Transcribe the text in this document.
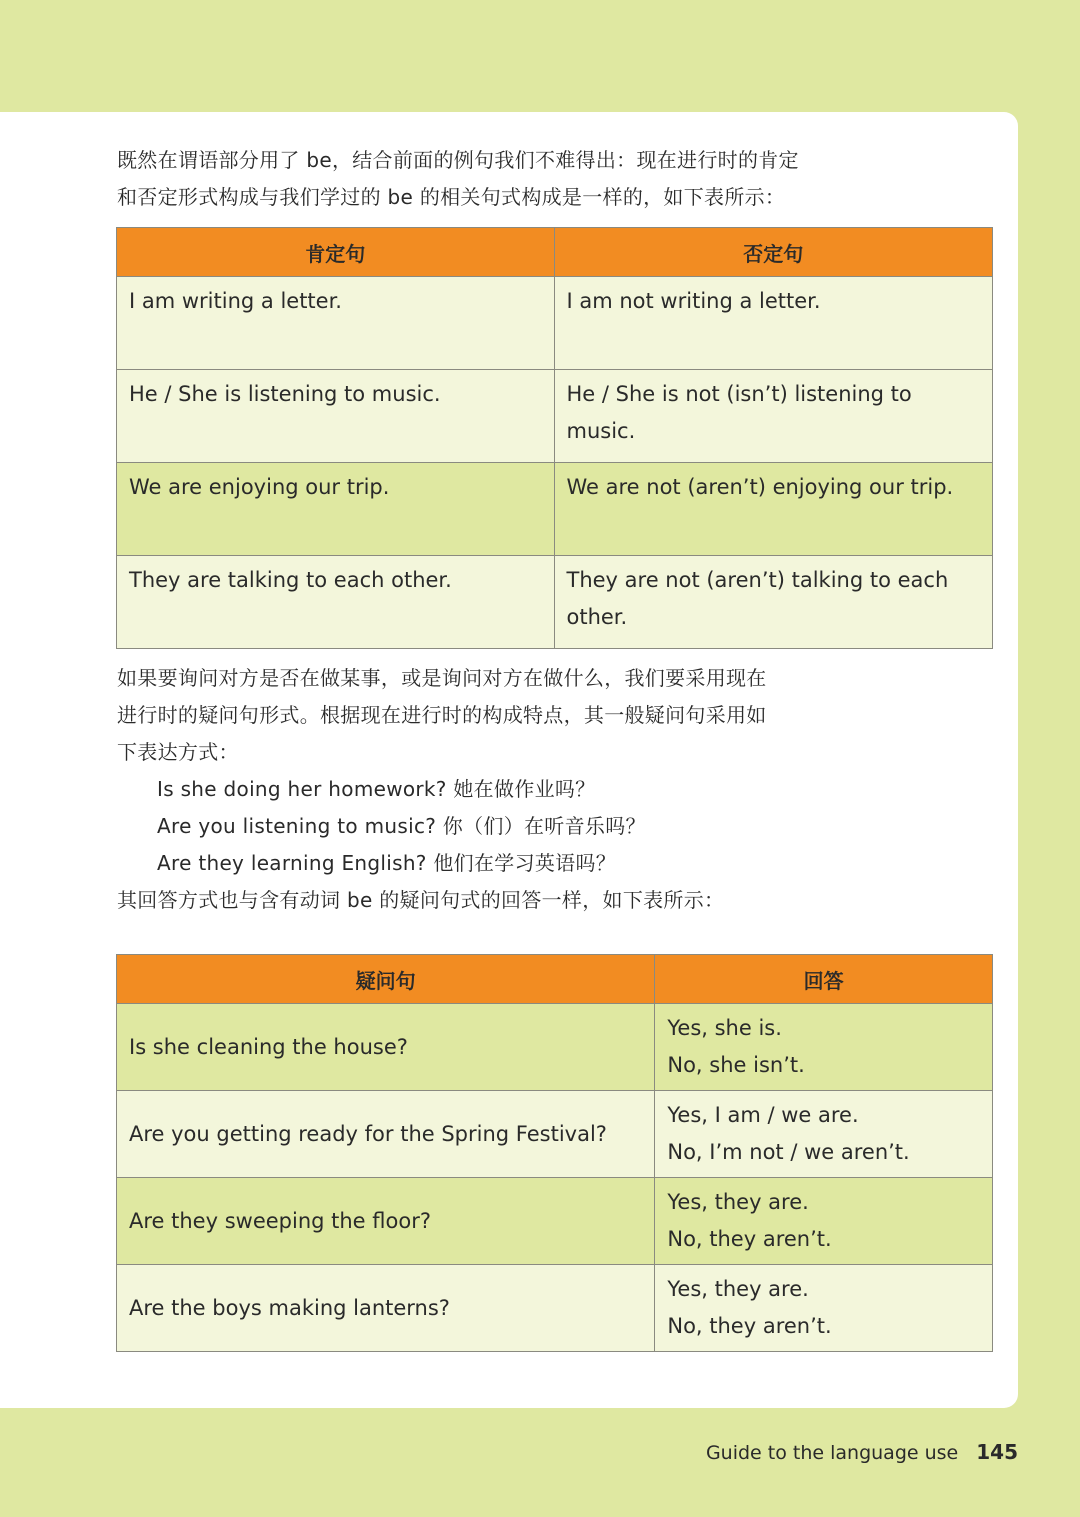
既然在谓语部分用了 be，结合前面的例句我们不难得出：现在进行时的肯定
和否定形式构成与我们学过的 be 的相关句式构成是一样的，如下表所示：

肯定句	否定句
I am writing a letter.	I am not writing a letter.
He / She is listening to music.	He / She is not (isn’t) listening to music.
We are enjoying our trip.	We are not (aren’t) enjoying our trip.
They are talking to each other.	They are not (aren’t) talking to each other.

如果要询问对方是否在做某事，或是询问对方在做什么，我们要采用现在
进行时的疑问句形式。根据现在进行时的构成特点，其一般疑问句采用如
下表达方式：
Is she doing her homework? 她在做作业吗？
Are you listening to music? 你（们）在听音乐吗？
Are they learning English? 他们在学习英语吗？
其回答方式也与含有动词 be 的疑问句式的回答一样，如下表所示：

疑问句	回答
Is she cleaning the house?	Yes, she is.
No, she isn’t.

Are you getting ready for the Spring Festival?	Yes, I am / we are.
No, I’m not / we aren’t.

Are they sweeping the floor?	Yes, they are.
No, they aren’t.

Are the boys making lanterns?	Yes, they are.
No, they aren’t.
Guide to the language use 145
